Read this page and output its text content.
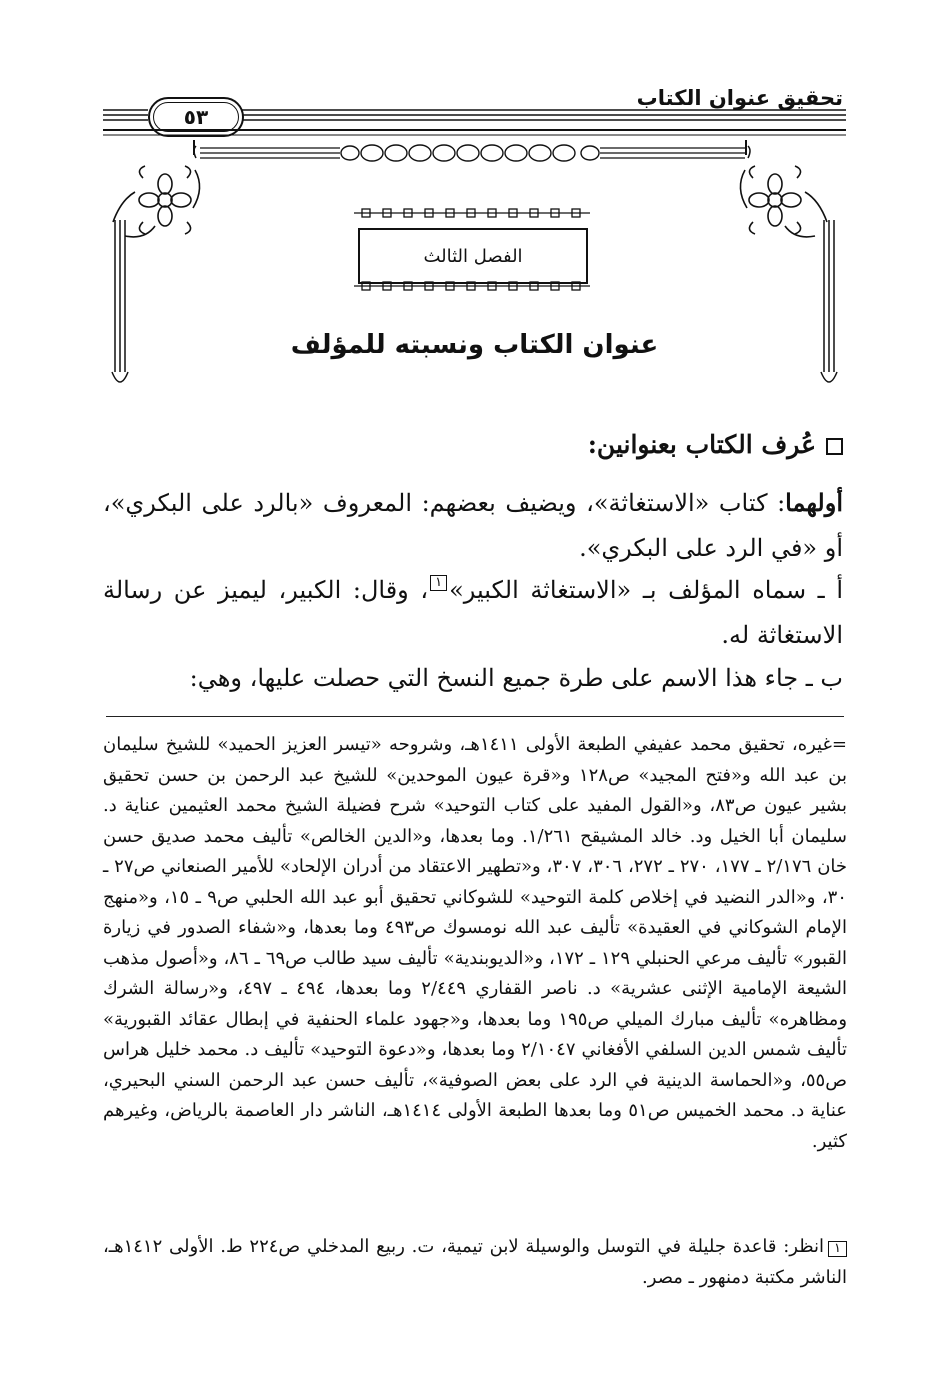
تحقيق عنوان الكتاب
٥٣
الفصل الثالث
عنوان الكتاب ونسبته للمؤلف
عُرف الكتاب بعنوانين:
أولهما: كتاب «الاستغاثة»، ويضيف بعضهم: المعروف «بالرد على البكري»، أو «في الرد على البكري».
أ ـ سماه المؤلف بـ «الاستغاثة الكبير»١، وقال: الكبير، ليميز عن رسالة الاستغاثة له.
ب ـ جاء هذا الاسم على طرة جميع النسخ التي حصلت عليها، وهي:
=غيره، تحقيق محمد عفيفي الطبعة الأولى ١٤١١هـ، وشروحه «تيسر العزيز الحميد» للشيخ سليمان بن عبد الله و«فتح المجيد» ص١٢٨ و«قرة عيون الموحدين» للشيخ عبد الرحمن بن حسن تحقيق بشير عيون ص٨٣، و«القول المفيد على كتاب التوحيد» شرح فضيلة الشيخ محمد العثيمين عناية د. سليمان أبا الخيل ود. خالد المشيقح ١/٢٦١. وما بعدها، و«الدين الخالص» تأليف محمد صديق حسن خان ٢/١٧٦ ـ ١٧٧، ٢٧٠ ـ ٢٧٢، ٣٠٦، ٣٠٧، و«تطهير الاعتقاد من أدران الإلحاد» للأمير الصنعاني ص٢٧ ـ ٣٠، و«الدر النضيد في إخلاص كلمة التوحيد» للشوكاني تحقيق أبو عبد الله الحلبي ص٩ ـ ١٥، و«منهج الإمام الشوكاني في العقيدة» تأليف عبد الله نومسوك ص٤٩٣ وما بعدها، و«شفاء الصدور في زيارة القبور» تأليف مرعي الحنبلي ١٢٩ ـ ١٧٢، و«الديوبندية» تأليف سيد طالب ص٦٩ ـ ٨٦، و«أصول مذهب الشيعة الإمامية الإثنى عشرية» د. ناصر القفاري ٢/٤٤٩ وما بعدها، ٤٩٤ ـ ٤٩٧، و«رسالة الشرك ومظاهره» تأليف مبارك الميلي ص١٩٥ وما بعدها، و«جهود علماء الحنفية في إبطال عقائد القبورية» تأليف شمس الدين السلفي الأفغاني ٢/١٠٤٧ وما بعدها، و«دعوة التوحيد» تأليف د. محمد خليل هراس ص٥٥، و«الحماسة الدينية في الرد على بعض الصوفية»، تأليف حسن عبد الرحمن السني البحيري، عناية د. محمد الخميس ص٥١ وما بعدها الطبعة الأولى ١٤١٤هـ، الناشر دار العاصمة بالرياض، وغيرهم كثير.
١انظر: قاعدة جليلة في التوسل والوسيلة لابن تيمية، ت. ربيع المدخلي ص٢٢٤ ط. الأولى ١٤١٢هـ، الناشر مكتبة دمنهور ـ مصر.
